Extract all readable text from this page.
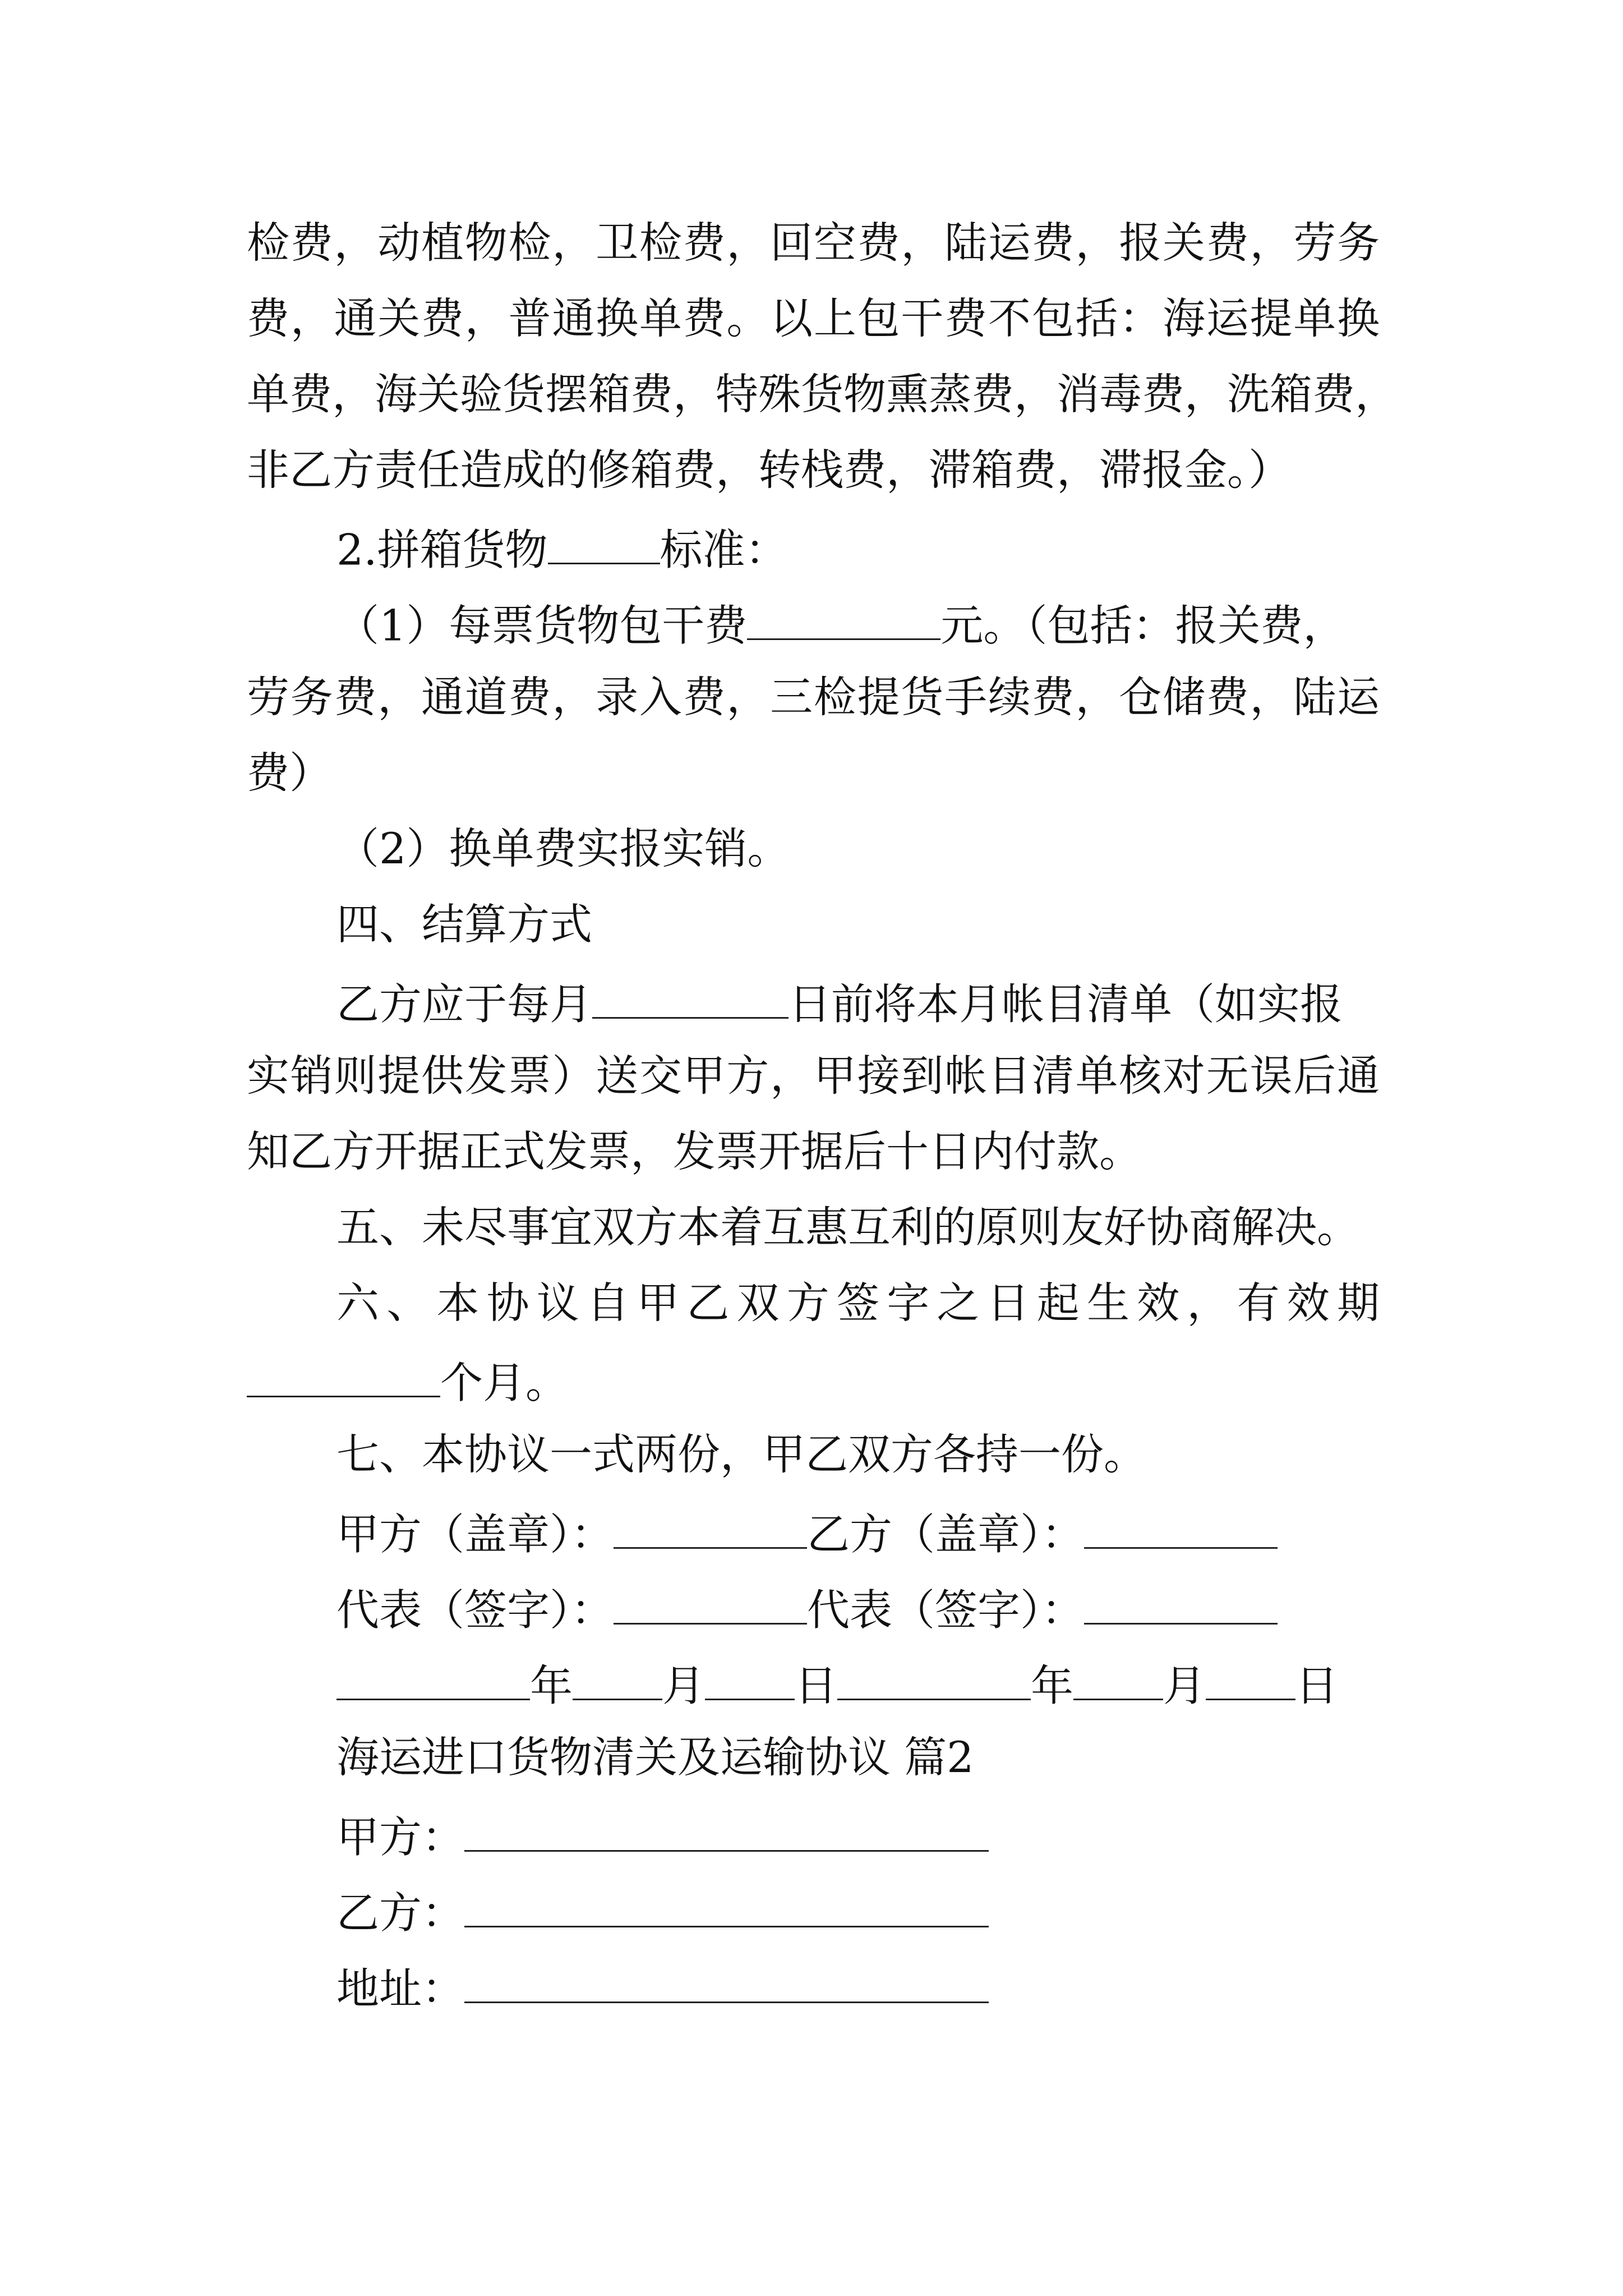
检费，动植物检，卫检费，回空费，陆运费，报关费，劳务
费，通关费，普通换单费。以上包干费不包括：海运提单换
单费，海关验货摆箱费，特殊货物熏蒸费，消毒费，洗箱费，
非乙方责任造成的修箱费，转栈费，滞箱费，滞报金。）
2.拼箱货物	标准：
（1）每票货物包干费	元。（包括：报关费，
劳务费，通道费，录入费，三检提货手续费，仓储费，陆运
费）
（2）换单费实报实销。
四、结算方式
乙方应于每月	日前将本月帐目清单（如实报
实销则提供发票）送交甲方，甲接到帐目清单核对无误后通
知乙方开据正式发票，发票开据后十日内付款。
五、未尽事宜双方本着互惠互利的原则友好协商解决。
六、本协议自甲乙双方签字之日起生效，有效期
个月。
七、本协议一式两份，甲乙双方各持一份。
甲方（盖章）：	乙方（盖章）：
代表（签字）：	代表（签字）：
年 月 日	年 月 日
海运进口货物清关及运输协议 篇2
甲方：
乙方：
地址：
